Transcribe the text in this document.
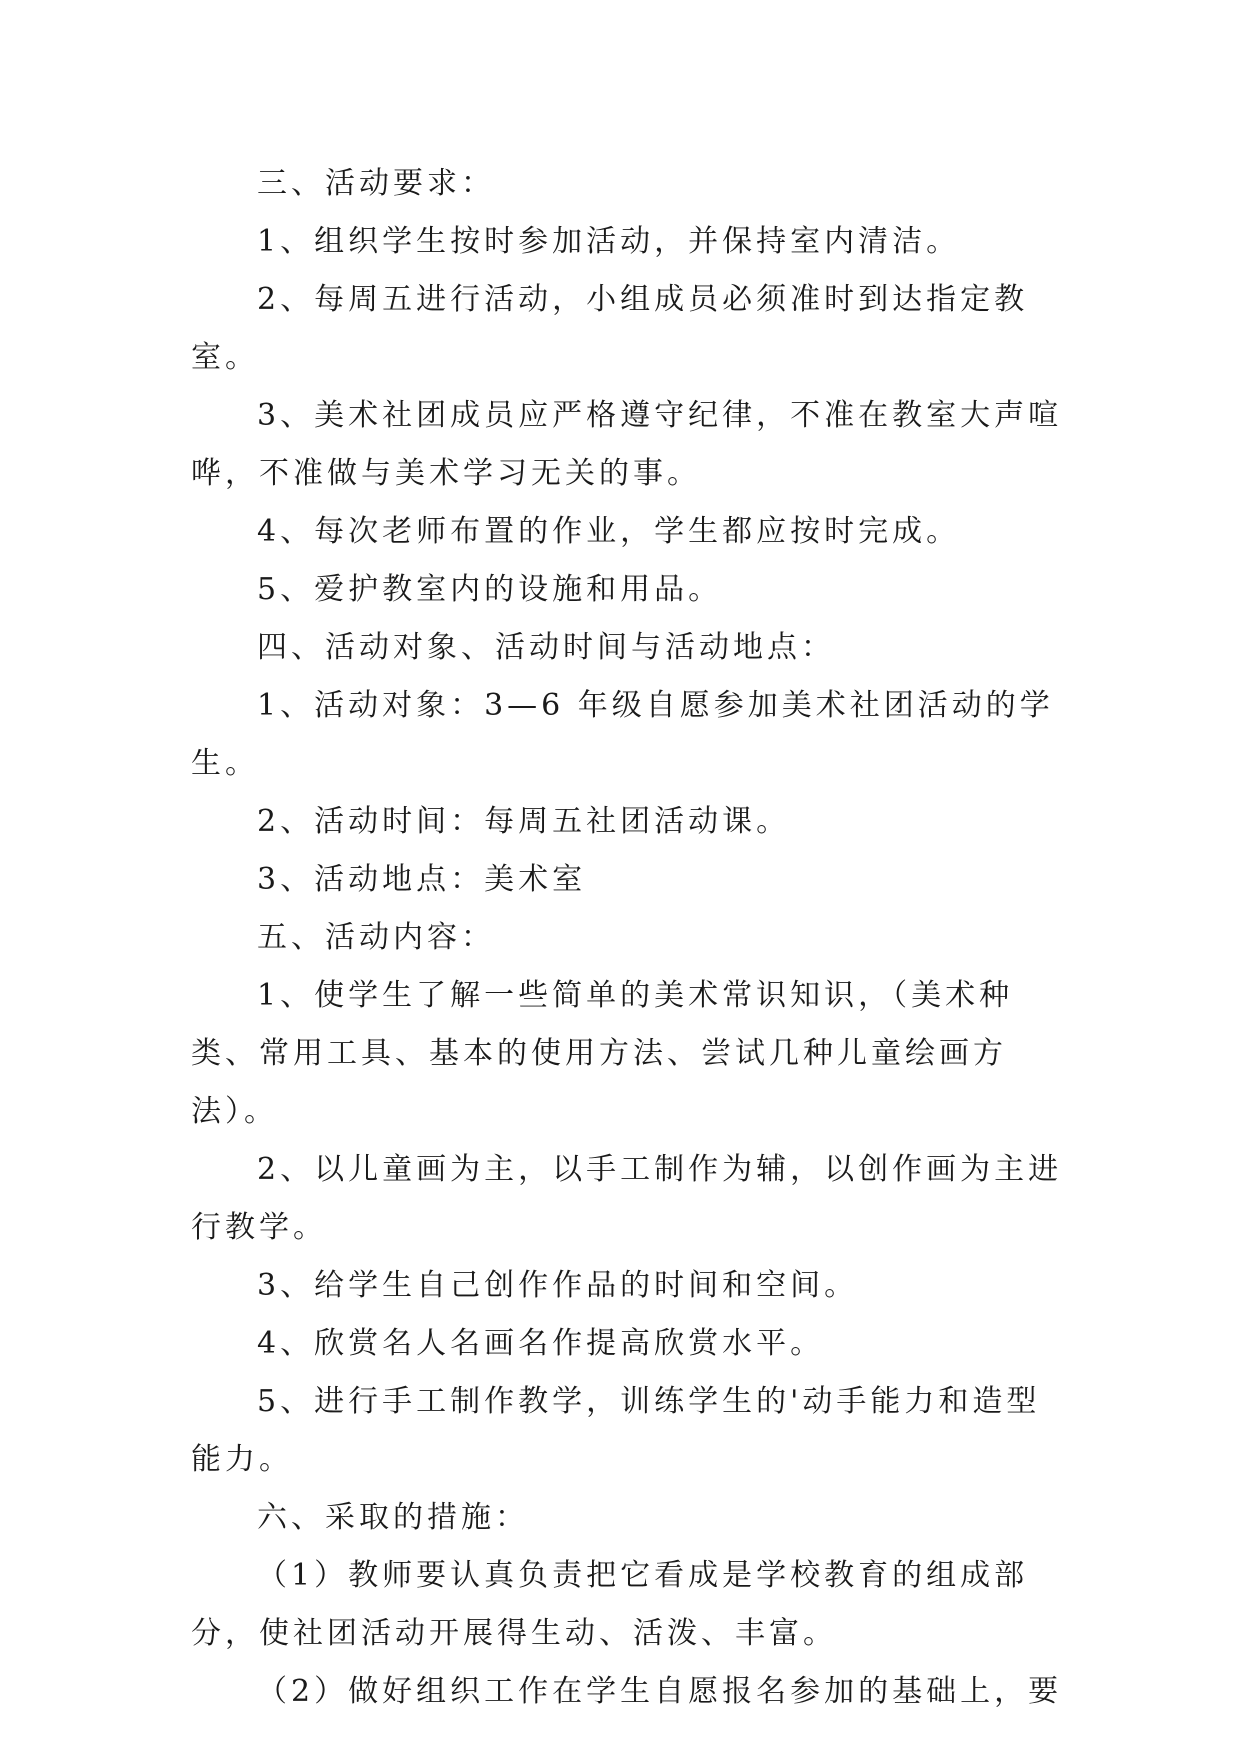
三、活动要求：

1、组织学生按时参加活动，并保持室内清洁。

2、每周五进行活动，小组成员必须准时到达指定教室。

3、美术社团成员应严格遵守纪律，不准在教室大声喧哗，不准做与美术学习无关的事。

4、每次老师布置的作业，学生都应按时完成。

5、爱护教室内的设施和用品。

四、活动对象、活动时间与活动地点：

1、活动对象：3—6 年级自愿参加美术社团活动的学生。

2、活动时间：每周五社团活动课。

3、活动地点：美术室

五、活动内容：

1、使学生了解一些简单的美术常识知识，（美术种类、常用工具、基本的使用方法、尝试几种儿童绘画方法）。

2、以儿童画为主，以手工制作为辅，以创作画为主进行教学。

3、给学生自己创作作品的时间和空间。

4、欣赏名人名画名作提高欣赏水平。

5、进行手工制作教学，训练学生的'动手能力和造型能力。

六、采取的措施：

（1）教师要认真负责把它看成是学校教育的组成部分，使社团活动开展得生动、活泼、丰富。

（2）做好组织工作在学生自愿报名参加的基础上，要
